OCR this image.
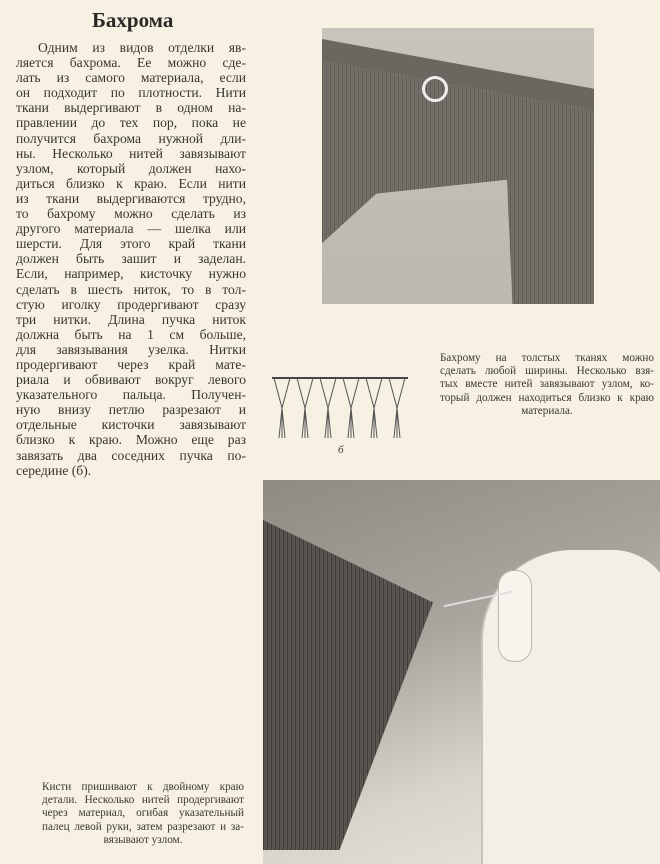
Бахрома
Одним из видов отделки яв-
ляется бахрома. Ее можно сде-
лать из самого материала, если
он подходит по плотности. Нити
ткани выдергивают в одном на-
правлении до тех пор, пока не
получится бахрома нужной дли-
ны. Несколько нитей завязывают
узлом, который должен нахо-
диться близко к краю. Если нити
из ткани выдергиваются трудно,
то бахрому можно сделать из
другого материала — шелка или
шерсти. Для этого край ткани
должен быть зашит и заделан.
Если, например, кисточку нужно
сделать в шесть ниток, то в тол-
стую иголку продергивают сразу
три нитки. Длина пучка ниток
должна быть на 1 см больше,
для завязывания узелка. Нитки
продергивают через край мате-
риала и обвивают вокруг левого
указательного пальца. Получен-
ную внизу петлю разрезают и
отдельные кисточки завязывают
близко к краю. Можно еще раз
завязать два соседних пучка по-
середине (б).
б
Бахрому на толстых тканях можно
сделать любой ширины. Несколько взя-
тых вместе нитей завязывают узлом, ко-
торый должен находиться близко к краю
материала.
Кисти пришивают к двойному краю
детали. Несколько нитей продергивают
через материал, огибая указательный
палец левой руки, затем разрезают и за-
вязывают узлом.
